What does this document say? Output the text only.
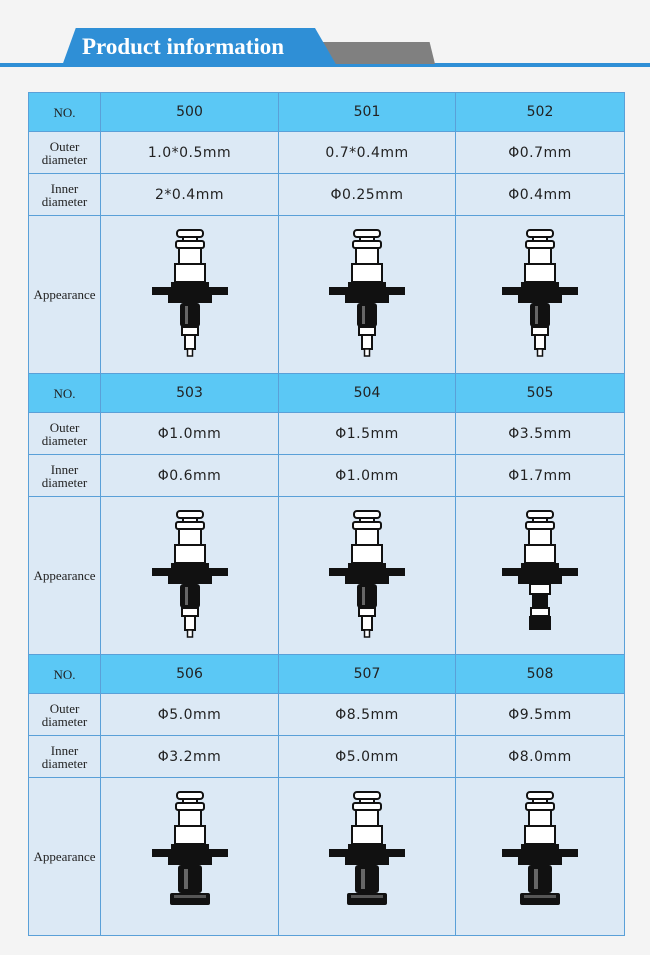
Product information
NO.	500	501	502
Outer diameter	1.0*0.5mm	0.7*0.4mm	Φ0.7mm
Inner diameter	2*0.4mm	Φ0.25mm	Φ0.4mm
Appearance	

NO.	503	504	505
Outer diameter	Φ1.0mm	Φ1.5mm	Φ3.5mm
Inner diameter	Φ0.6mm	Φ1.0mm	Φ1.7mm
Appearance	

NO.	506	507	508
Outer diameter	Φ5.0mm	Φ8.5mm	Φ9.5mm
Inner diameter	Φ3.2mm	Φ5.0mm	Φ8.0mm
Appearance	
